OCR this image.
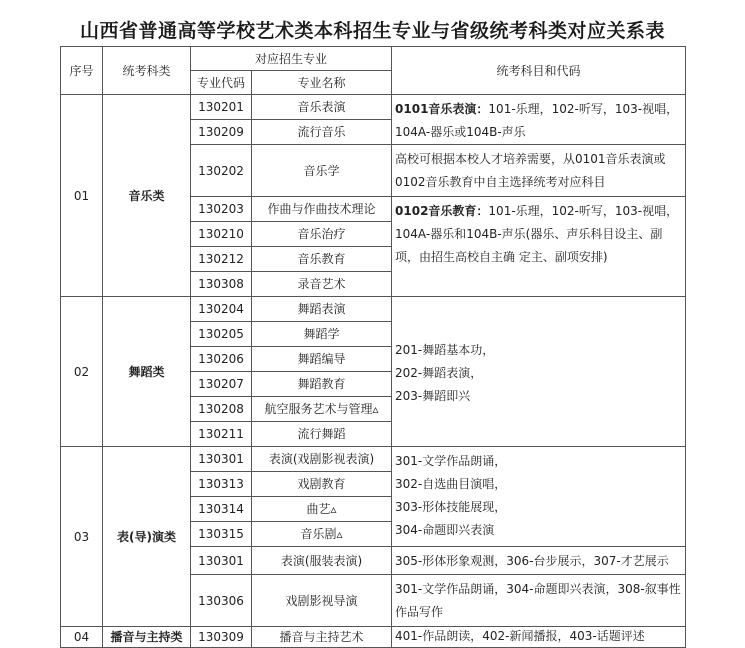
山西省普通高等学校艺术类本科招生专业与省级统考科类对应关系表
序号	统考科类	对应招生专业		统考科目和代码
		专业代码	专业名称	
01	音乐类	130201	音乐表演	0101音乐表演：101-乐理，102-听写，103-视唱，104A-器乐或104B-声乐
		130209	流行音乐	
		130202	音乐学	高校可根据本校人才培养需要，从0101音乐表演或0102音乐教育中自主选择统考对应科目
		130203	作曲与作曲技术理论	0102音乐教育：101-乐理，102-听写，103-视唱，104A-器乐和104B-声乐(器乐、声乐科目设主、副项，由招生高校自主确 定主、副项安排)
		130210	音乐治疗	
		130212	音乐教育	
		130308	录音艺术	
02	舞蹈类	130204	舞蹈表演	201-舞蹈基本功，
202-舞蹈表演，
203-舞蹈即兴

		130205	舞蹈学	
		130206	舞蹈编导	
		130207	舞蹈教育	
		130208	航空服务艺术与管理▵	
		130211	流行舞蹈	
03	表(导)演类	130301	表演(戏剧影视表演)	301-文学作品朗诵，
302-自选曲目演唱，
303-形体技能展现，
304-命题即兴表演

		130313	戏剧教育	
		130314	曲艺▵	
		130315	音乐剧▵	
		130301	表演(服装表演)	305-形体形象观测，306-台步展示，307-才艺展示
		130306	戏剧影视导演	301-文学作品朗诵，304-命题即兴表演，308-叙事性作品写作
04	播音与主持类	130309	播音与主持艺术	401-作品朗读，402-新闻播报，403-话题评述
